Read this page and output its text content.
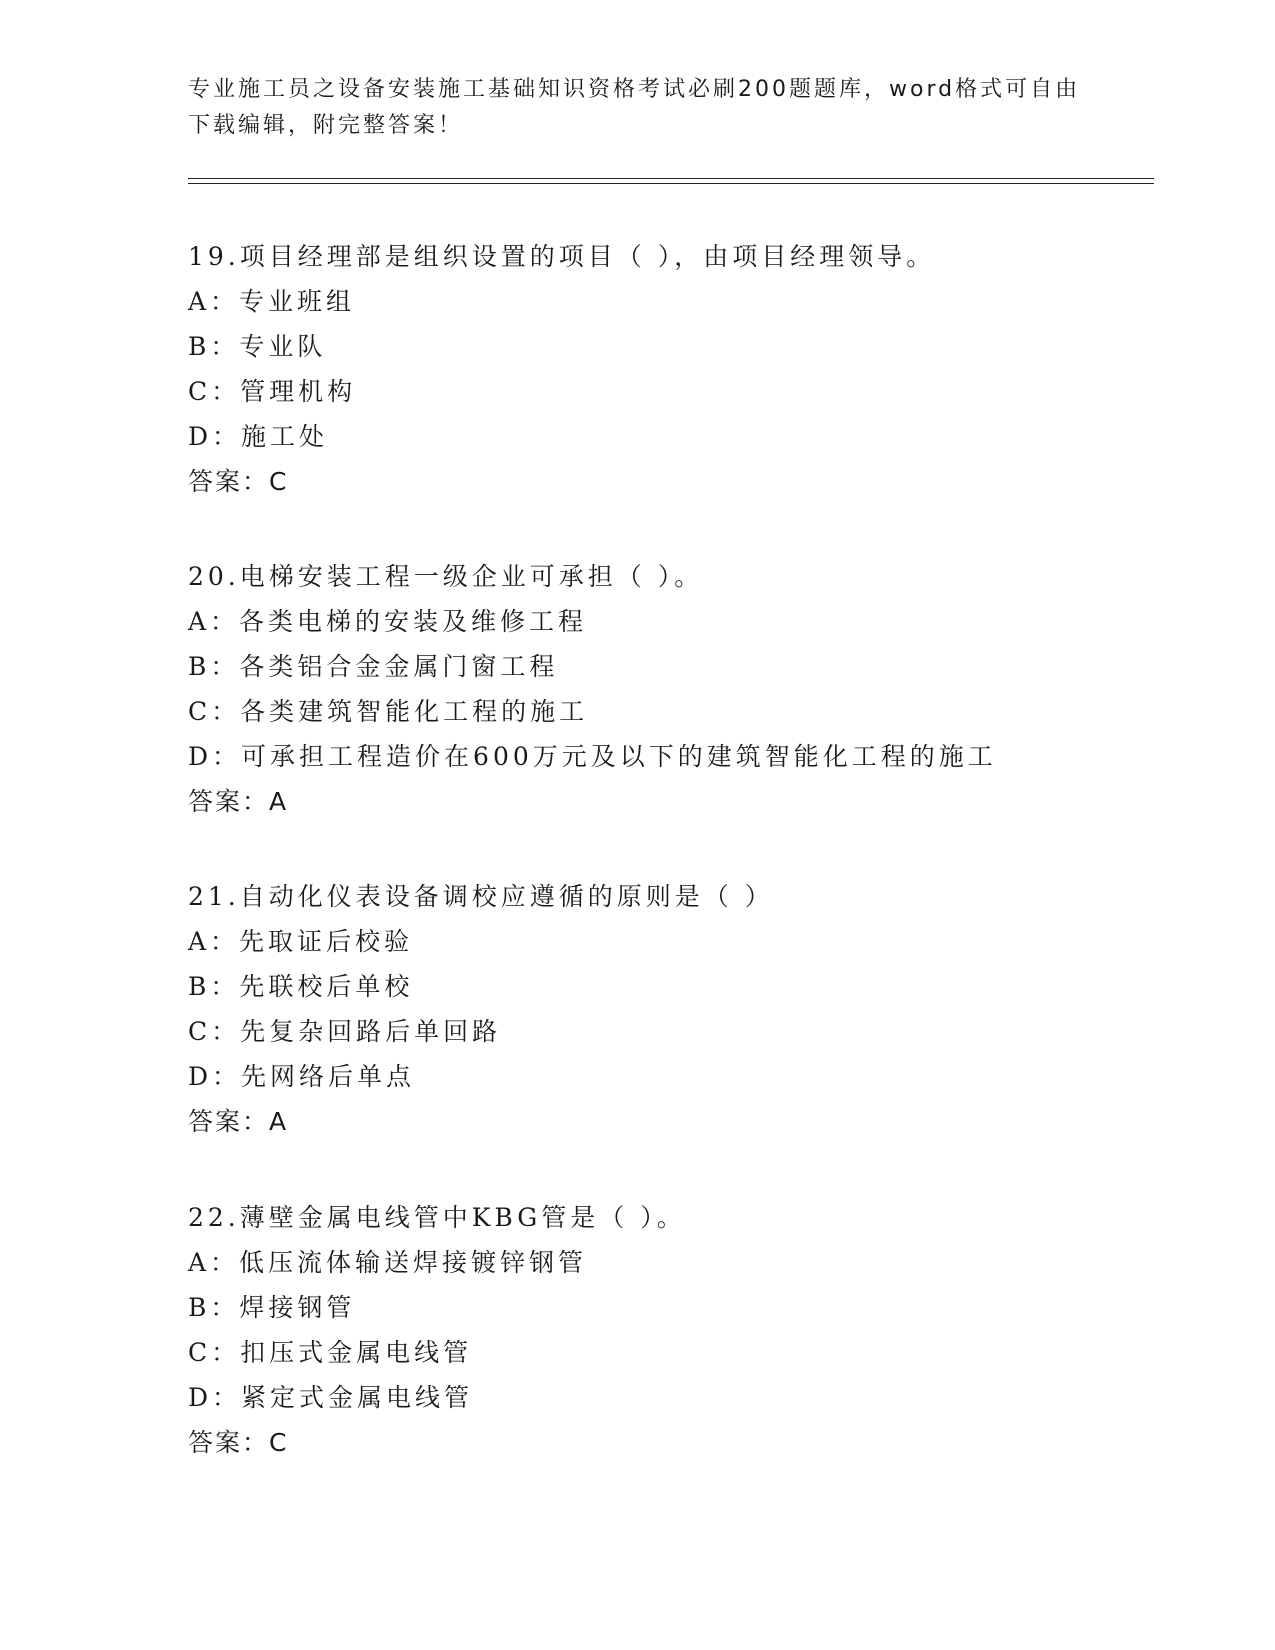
专业施工员之设备安装施工基础知识资格考试必刷200题题库，word格式可自由
下载编辑，附完整答案！
19.项目经理部是组织设置的项目（ ），由项目经理领导。
A：专业班组
B：专业队
C：管理机构
D：施工处
答案：C
20.电梯安装工程一级企业可承担（ ）。
A：各类电梯的安装及维修工程
B：各类铝合金金属门窗工程
C：各类建筑智能化工程的施工
D：可承担工程造价在600万元及以下的建筑智能化工程的施工
答案：A
21.自动化仪表设备调校应遵循的原则是（ ）
A：先取证后校验
B：先联校后单校
C：先复杂回路后单回路
D：先网络后单点
答案：A
22.薄壁金属电线管中KBG管是（ ）。
A：低压流体输送焊接镀锌钢管
B：焊接钢管
C：扣压式金属电线管
D：紧定式金属电线管
答案：C
